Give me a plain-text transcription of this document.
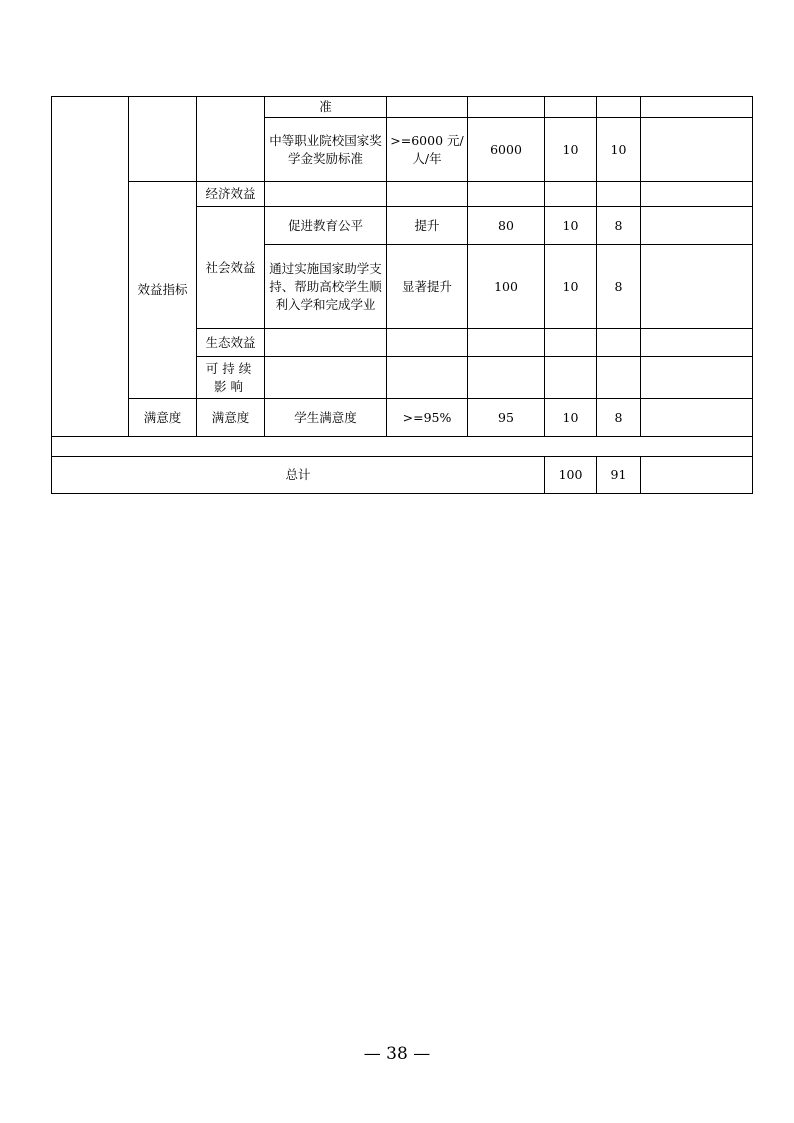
			准					
			中等职业院校国家奖学金奖励标准	>=6000 元/人/年	6000	10	10	
	效益指标	经济效益						
		社会效益	促进教育公平	提升	80	10	8	
			通过实施国家助学支持、帮助高校学生顺利入学和完成学业	显著提升	100	10	8	
		生态效益						
		可持续影响						
	满意度	满意度	学生满意度	>=95%	95	10	8	

总计						100	91	
— 38 —
